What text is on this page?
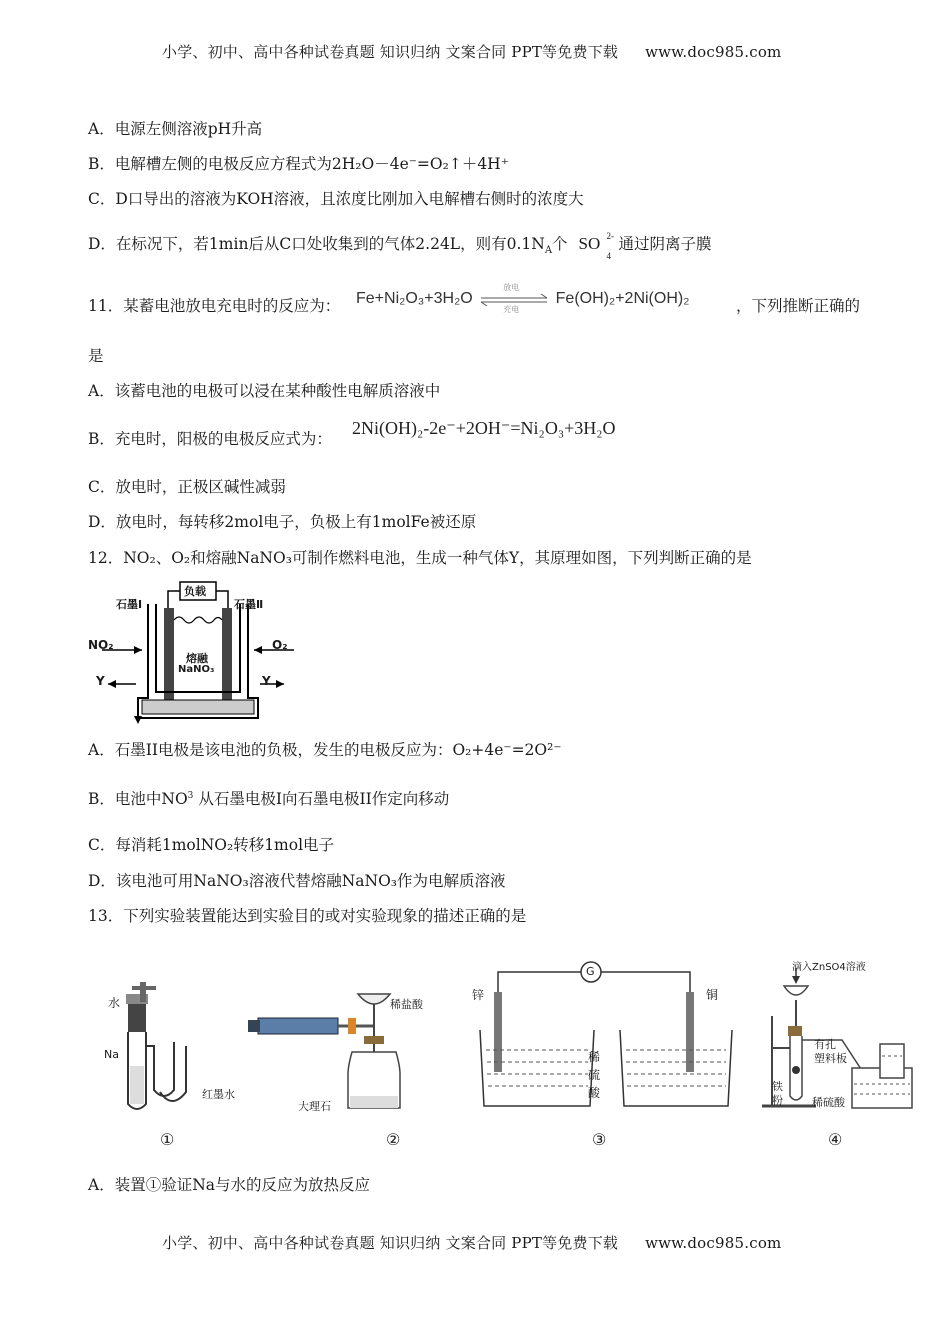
小学、初中、高中各种试卷真题 知识归纳 文案合同 PPT等免费下载 www.doc985.com
A．电源左侧溶液pH升高
B．电解槽左侧的电极反应方程式为2H₂O－4e⁻=O₂↑＋4H⁺
C．D口导出的溶液为KOH溶液，且浓度比刚加入电解槽右侧时的浓度大
D．在标况下，若1min后从C口处收集到的气体2.24L，则有$0.1N_A$个 SO 2-
4
通过阴离子膜
11．某蓄电池放电充电时的反应为： Fe+Ni₂O₃+3H₂O
放电
充电
Fe(OH)₂+2Ni(OH)₂	，下列推断正确的
是
A．该蓄电池的电极可以浸在某种酸性电解质溶液中
B．充电时，阳极的电极反应式为：
2Ni(OH)₂-2e⁻+2OH⁻=Ni₂O₃+3H₂O
C．放电时，正极区碱性减弱
D．放电时，每转移2mol电子，负极上有1molFe被还原
12．NO₂、O₂和熔融NaNO₃可制作燃料电池，生成一种气体Y，其原理如图，下列判断正确的是
负载
石墨Ⅰ	石墨Ⅱ
NO₂	O₂
Y	Y
熔融
NaNO₃
A．石墨II电极是该电池的负极，发生的电极反应为：O₂+4e⁻=2O²⁻
B．电池中$NO^3$ 从石墨电极I向石墨电极II作定向移动
C．每消耗1molNO₂转移1mol电子
D．该电池可用NaNO₃溶液代替熔融NaNO₃作为电解质溶液
13．下列实验装置能达到实验目的或对实验现象的描述正确的是
水
Na
红墨水
①
稀盐酸
大理石
②
G
锌	铜
稀
硫
酸
③
滴入ZnSO4溶液
有孔
塑料板
铁
粉	稀硫酸
④
A．装置①验证Na与水的反应为放热反应
小学、初中、高中各种试卷真题 知识归纳 文案合同 PPT等免费下载 www.doc985.com
